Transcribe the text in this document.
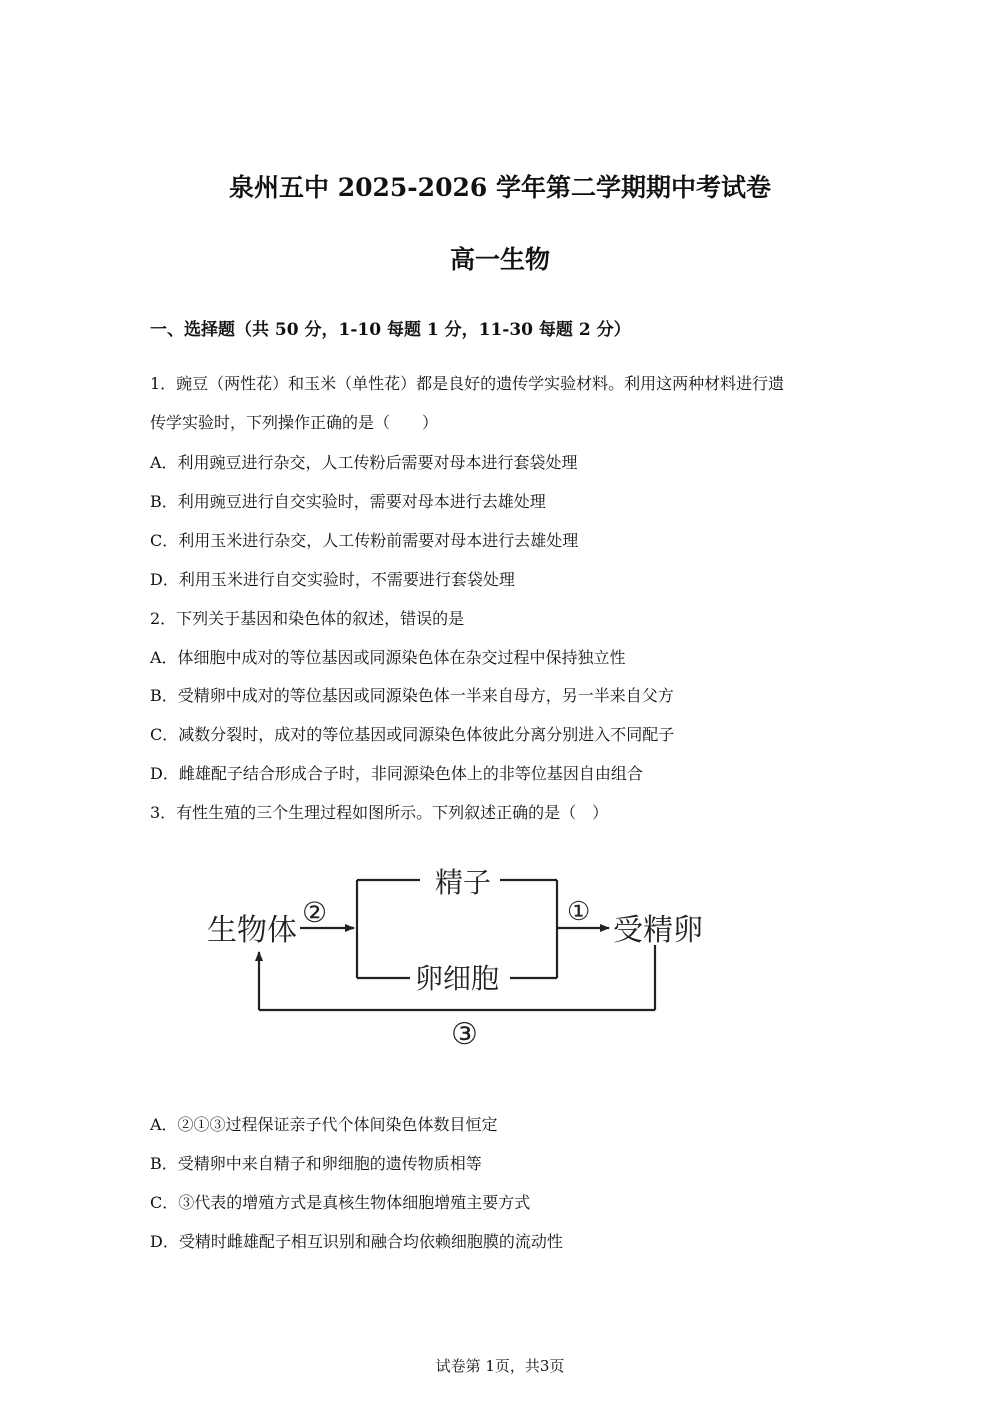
泉州五中 2025-2026 学年第二学期期中考试卷
高一生物
一、选择题（共 50 分，1-10 每题 1 分，11-30 每题 2 分）
1．豌豆（两性花）和玉米（单性花）都是良好的遗传学实验材料。利用这两种材料进行遗
传学实验时，下列操作正确的是（　　）
A．利用豌豆进行杂交，人工传粉后需要对母本进行套袋处理
B．利用豌豆进行自交实验时，需要对母本进行去雄处理
C．利用玉米进行杂交，人工传粉前需要对母本进行去雄处理
D．利用玉米进行自交实验时，不需要进行套袋处理
2．下列关于基因和染色体的叙述，错误的是
A．体细胞中成对的等位基因或同源染色体在杂交过程中保持独立性
B．受精卵中成对的等位基因或同源染色体一半来自母方，另一半来自父方
C．减数分裂时，成对的等位基因或同源染色体彼此分离分别进入不同配子
D．雌雄配子结合形成合子时，非同源染色体上的非等位基因自由组合
3．有性生殖的三个生理过程如图所示。下列叙述正确的是（　）
生物体
②
精子
卵细胞
①
受精卵
③
A．②①③过程保证亲子代个体间染色体数目恒定
B．受精卵中来自精子和卵细胞的遗传物质相等
C．③代表的增殖方式是真核生物体细胞增殖主要方式
D．受精时雌雄配子相互识别和融合均依赖细胞膜的流动性
试卷第 1页，共3页
